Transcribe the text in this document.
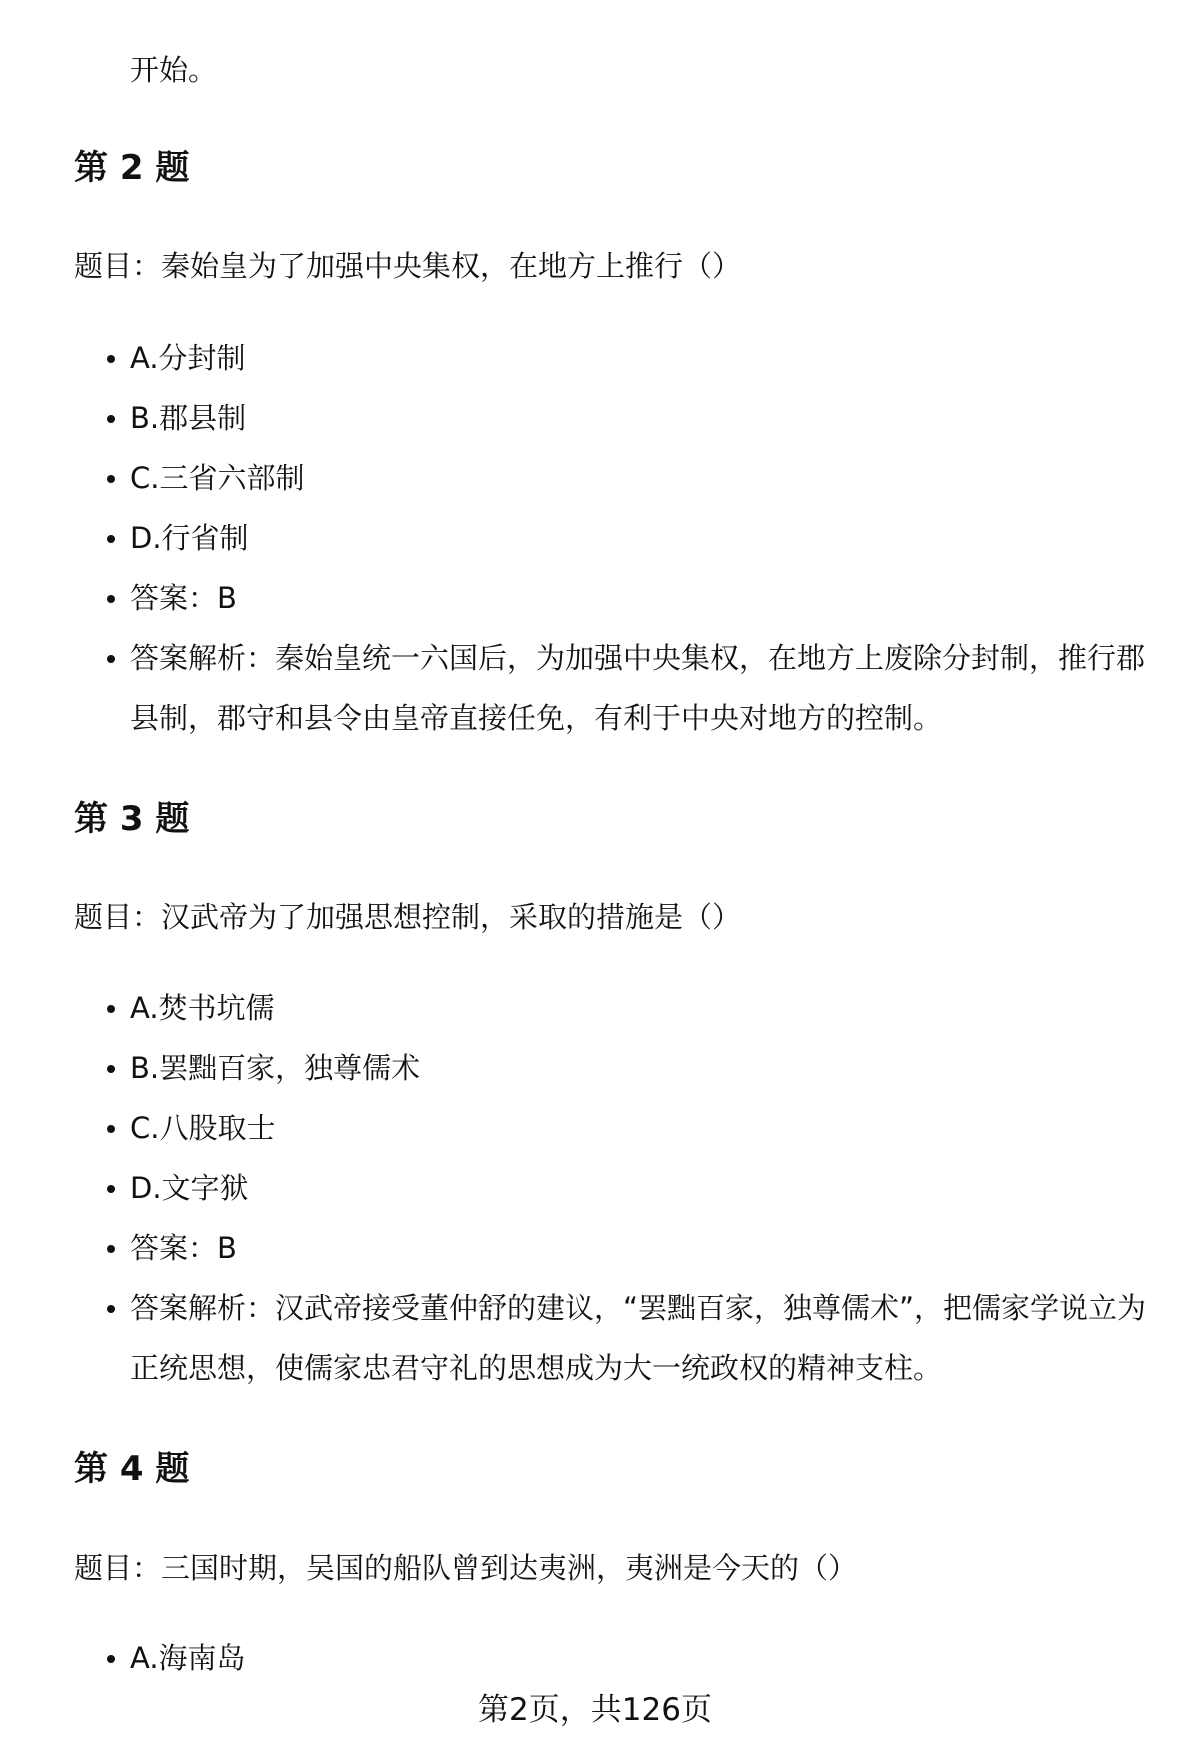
开始。

第 2 题

题目：秦始皇为了加强中央集权，在地方上推行（）

A.分封制
B.郡县制
C.三省六部制
D.行省制
答案：B
答案解析：秦始皇统一六国后，为加强中央集权，在地方上废除分封制，推行郡县制，郡守和县令由皇帝直接任免，有利于中央对地方的控制。
第 3 题

题目：汉武帝为了加强思想控制，采取的措施是（）

A.焚书坑儒
B.罢黜百家，独尊儒术
C.八股取士
D.文字狱
答案：B
答案解析：汉武帝接受董仲舒的建议，“罢黜百家，独尊儒术”，把儒家学说立为正统思想，使儒家忠君守礼的思想成为大一统政权的精神支柱。
第 4 题

题目：三国时期，吴国的船队曾到达夷洲，夷洲是今天的（）

A.海南岛

第2页，共126页
